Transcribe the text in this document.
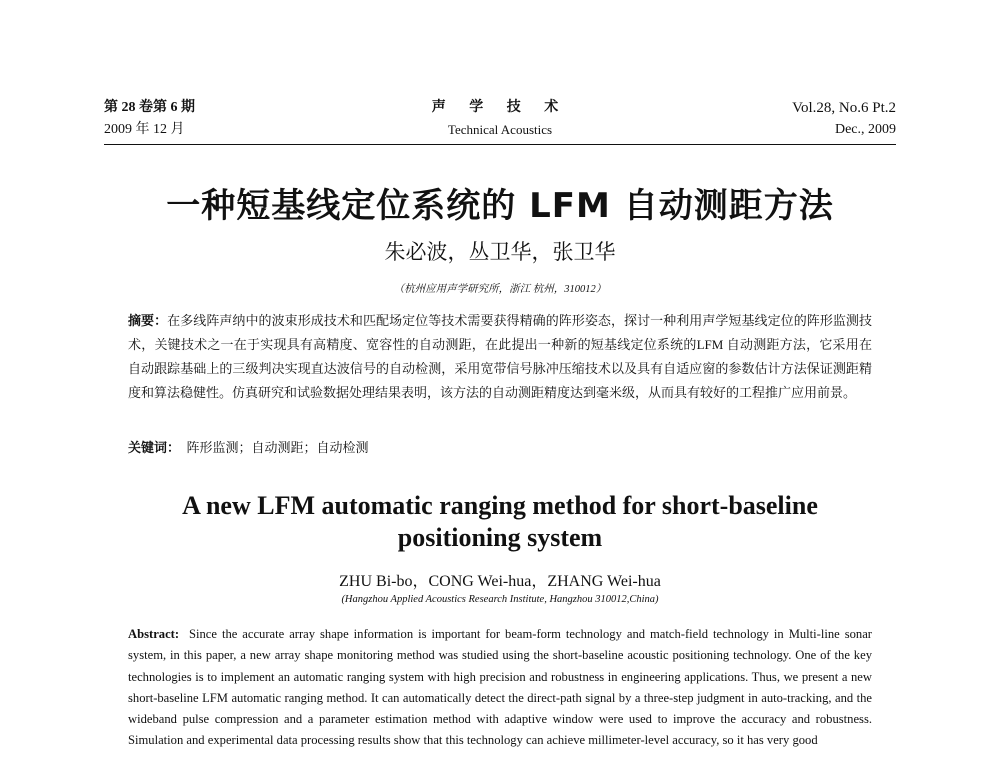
第 28 卷第 6 期
2009 年 12 月
声 学 技 术
Technical Acoustics
Vol.28, No.6 Pt.2
Dec., 2009
一种短基线定位系统的 LFM 自动测距方法
朱必波，丛卫华，张卫华
（杭州应用声学研究所，浙江 杭州，310012）
摘要：在多线阵声纳中的波束形成技术和匹配场定位等技术需要获得精确的阵形姿态，探讨一种利用声学短基线定位的阵形监测技术，关键技术之一在于实现具有高精度、宽容性的自动测距，在此提出一种新的短基线定位系统的LFM 自动测距方法，它采用在自动跟踪基础上的三级判决实现直达波信号的自动检测，采用宽带信号脉冲压缩技术以及具有自适应窗的参数估计方法保证测距精度和算法稳健性。仿真研究和试验数据处理结果表明，该方法的自动测距精度达到毫米级，从而具有较好的工程推广应用前景。
关键词： 阵形监测；自动测距；自动检测
A new LFM automatic ranging method for short-baseline positioning system
ZHU Bi-bo，CONG Wei-hua，ZHANG Wei-hua
(Hangzhou Applied Acoustics Research Institute, Hangzhou 310012,China)
Abstract: Since the accurate array shape information is important for beam-form technology and match-field technology in Multi-line sonar system, in this paper, a new array shape monitoring method was studied using the short-baseline acoustic positioning technology. One of the key technologies is to implement an automatic ranging system with high precision and robustness in engineering applications. Thus, we present a new short-baseline LFM automatic ranging method. It can automatically detect the direct-path signal by a three-step judgment in auto-tracking, and the wideband pulse compression and a parameter estimation method with adaptive window were used to improve the accuracy and robustness. Simulation and experimental data processing results show that this technology can achieve millimeter-level accuracy, so it has very good
